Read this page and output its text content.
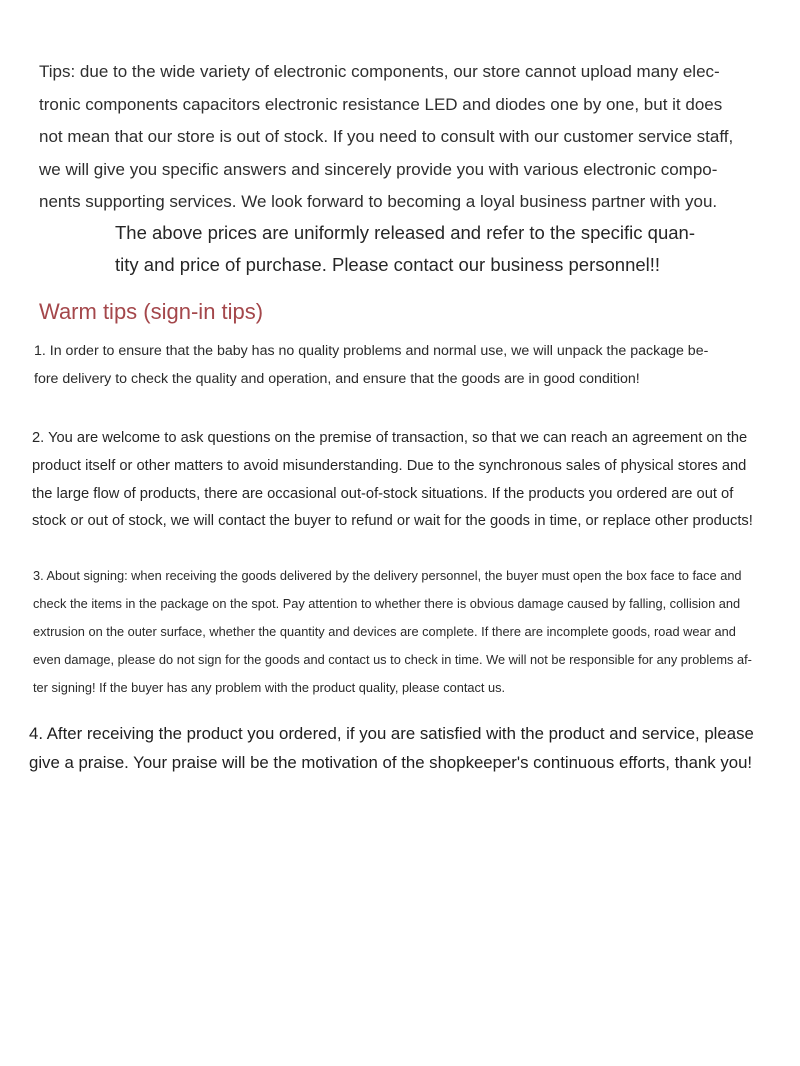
Tips: due to the wide variety of electronic components, our store cannot upload many elec-
tronic components capacitors electronic resistance LED and diodes one by one, but it does
not mean that our store is out of stock. If you need to consult with our customer service staff,
we will give you specific answers and sincerely provide you with various electronic compo-
nents supporting services. We look forward to becoming a loyal business partner with you.
The above prices are uniformly released and refer to the specific quan-
tity and price of purchase. Please contact our business personnel!!
Warm tips (sign-in tips)
1. In order to ensure that the baby has no quality problems and normal use, we will unpack the package be-
fore delivery to check the quality and operation, and ensure that the goods are in good condition!
2. You are welcome to ask questions on the premise of transaction, so that we can reach an agreement on the
product itself or other matters to avoid misunderstanding. Due to the synchronous sales of physical stores and
the large flow of products, there are occasional out-of-stock situations. If the products you ordered are out of
stock or out of stock, we will contact the buyer to refund or wait for the goods in time, or replace other products!
3. About signing: when receiving the goods delivered by the delivery personnel, the buyer must open the box face to face and
check the items in the package on the spot. Pay attention to whether there is obvious damage caused by falling, collision and
extrusion on the outer surface, whether the quantity and devices are complete. If there are incomplete goods, road wear and
even damage, please do not sign for the goods and contact us to check in time. We will not be responsible for any problems af-
ter signing! If the buyer has any problem with the product quality, please contact us.
4. After receiving the product you ordered, if you are satisfied with the product and service, please
give a praise. Your praise will be the motivation of the shopkeeper's continuous efforts, thank you!
